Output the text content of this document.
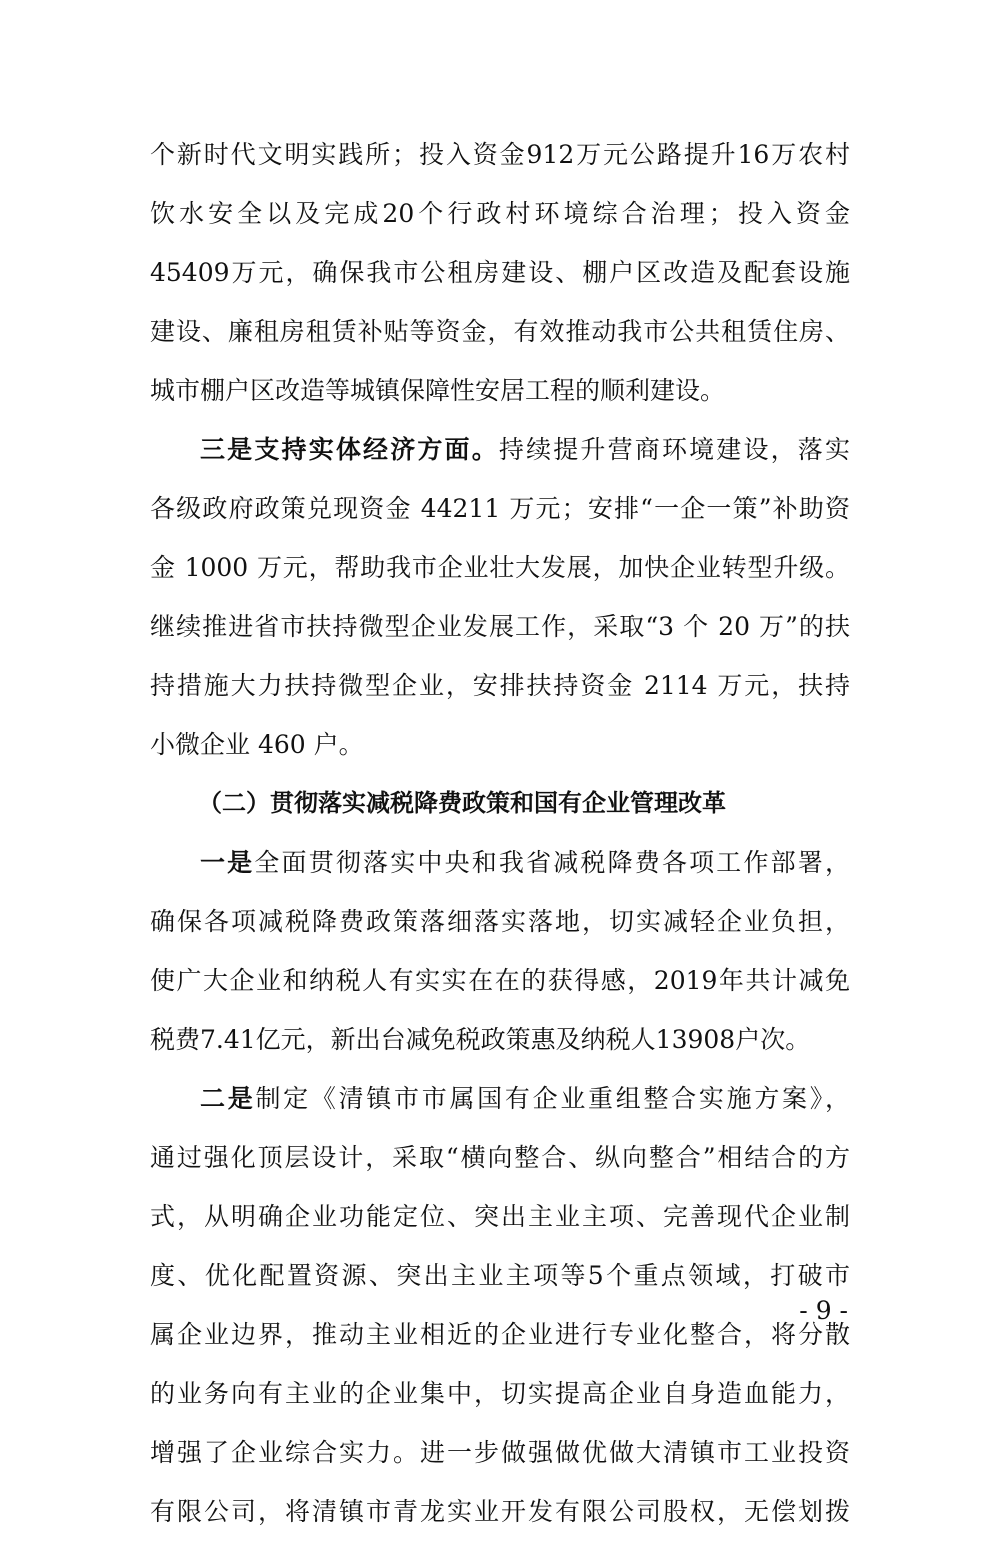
个新时代文明实践所；投入资金912万元公路提升16万农村
饮水安全以及完成20个行政村环境综合治理；投入资金
45409万元，确保我市公租房建设、棚户区改造及配套设施
建设、廉租房租赁补贴等资金，有效推动我市公共租赁住房、
城市棚户区改造等城镇保障性安居工程的顺利建设。
三是支持实体经济方面。持续提升营商环境建设，落实
各级政府政策兑现资金 44211 万元；安排“一企一策”补助资
金 1000 万元，帮助我市企业壮大发展，加快企业转型升级。
继续推进省市扶持微型企业发展工作，采取“3 个 20 万”的扶
持措施大力扶持微型企业，安排扶持资金 2114 万元，扶持
小微企业 460 户。
（二）贯彻落实减税降费政策和国有企业管理改革
一是全面贯彻落实中央和我省减税降费各项工作部署，
确保各项减税降费政策落细落实落地，切实减轻企业负担，
使广大企业和纳税人有实实在在的获得感，2019年共计减免
税费7.41亿元，新出台减免税政策惠及纳税人13908户次。
二是制定《清镇市市属国有企业重组整合实施方案》，
通过强化顶层设计，采取“横向整合、纵向整合”相结合的方
式，从明确企业功能定位、突出主业主项、完善现代企业制
度、优化配置资源、突出主业主项等5个重点领域，打破市
属企业边界，推动主业相近的企业进行专业化整合，将分散
的业务向有主业的企业集中，切实提高企业自身造血能力，
增强了企业综合实力。进一步做强做优做大清镇市工业投资
有限公司，将清镇市青龙实业开发有限公司股权，无偿划拨
- 9 -
